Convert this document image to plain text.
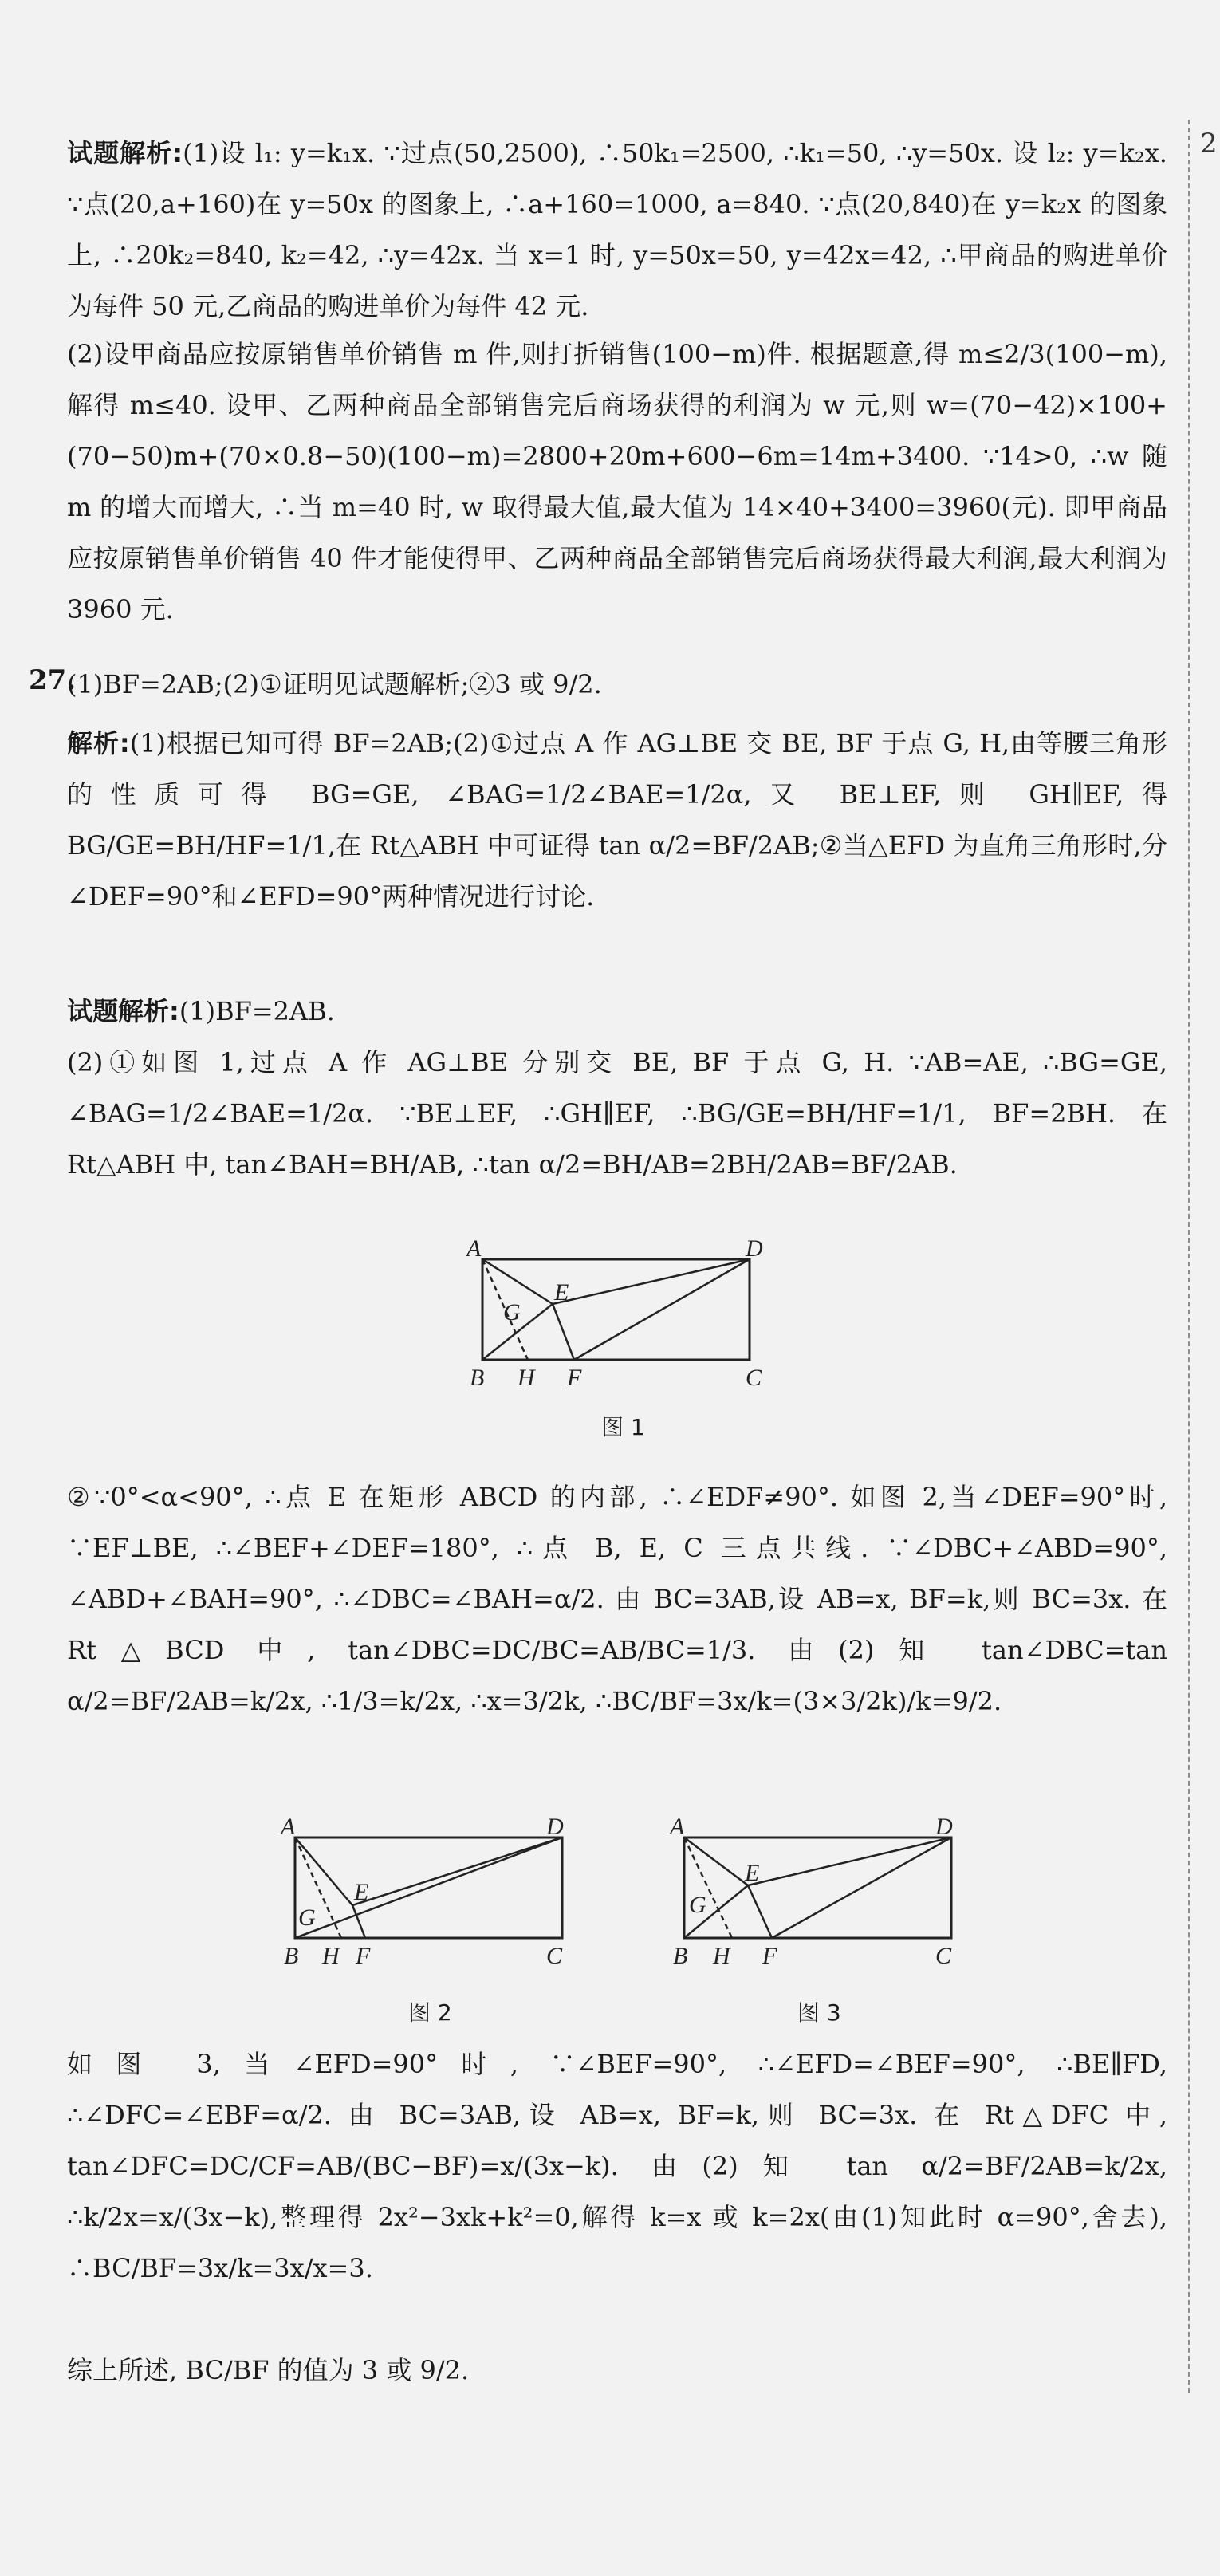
2

试题解析:(1)设 l₁: y=k₁x. ∵过点(50,2500), ∴50k₁=2500, ∴k₁=50, ∴y=50x. 设 l₂: y=k₂x. ∵点(20,a+160)在 y=50x 的图象上, ∴a+160=1000, a=840. ∵点(20,840)在 y=k₂x 的图象上, ∴20k₂=840, k₂=42, ∴y=42x. 当 x=1 时, y=50x=50, y=42x=42, ∴甲商品的购进单价为每件 50 元,乙商品的购进单价为每件 42 元.

(2)设甲商品应按原销售单价销售 m 件,则打折销售(100−m)件. 根据题意,得 m≤2/3(100−m),解得 m≤40. 设甲、乙两种商品全部销售完后商场获得的利润为 w 元,则 w=(70−42)×100+(70−50)m+(70×0.8−50)(100−m)=2800+20m+600−6m=14m+3400. ∵14>0, ∴w 随 m 的增大而增大, ∴当 m=40 时, w 取得最大值,最大值为 14×40+3400=3960(元). 即甲商品应按原销售单价销售 40 件才能使得甲、乙两种商品全部销售完后商场获得最大利润,最大利润为 3960 元.

27.

(1)BF=2AB;(2)①证明见试题解析;②3 或 9/2.

解析:(1)根据已知可得 BF=2AB;(2)①过点 A 作 AG⊥BE 交 BE, BF 于点 G, H,由等腰三角形的性质可得 BG=GE, ∠BAG=1/2∠BAE=1/2α,又 BE⊥EF,则 GH∥EF,得 BG/GE=BH/HF=1/1,在 Rt△ABH 中可证得 tan α/2=BF/2AB;②当△EFD 为直角三角形时,分∠DEF=90°和∠EFD=90°两种情况进行讨论.

试题解析:(1)BF=2AB.

(2)①如图 1,过点 A 作 AG⊥BE 分别交 BE, BF 于点 G, H. ∵AB=AE, ∴BG=GE, ∠BAG=1/2∠BAE=1/2α. ∵BE⊥EF, ∴GH∥EF, ∴BG/GE=BH/HF=1/1, BF=2BH. 在 Rt△ABH 中, tan∠BAH=BH/AB, ∴tan α/2=BH/AB=2BH/2AB=BF/2AB.

A	D
E
G
B H F	C
图 1

②∵0°<α<90°, ∴点 E 在矩形 ABCD 的内部, ∴∠EDF≠90°. 如图 2,当∠DEF=90°时, ∵EF⊥BE, ∴∠BEF+∠DEF=180°, ∴点 B, E, C 三点共线. ∵∠DBC+∠ABD=90°, ∠ABD+∠BAH=90°, ∴∠DBC=∠BAH=α/2. 由 BC=3AB,设 AB=x, BF=k,则 BC=3x. 在 Rt△BCD 中, tan∠DBC=DC/BC=AB/BC=1/3. 由(2)知 tan∠DBC=tan α/2=BF/2AB=k/2x, ∴1/3=k/2x, ∴x=3/2k, ∴BC/BF=3x/k=(3×3/2k)/k=9/2.

A	D
E
G
B H F	C
图 2
A	D
E
G
B H F	C
图 3

如图 3,当∠EFD=90°时, ∵∠BEF=90°, ∴∠EFD=∠BEF=90°, ∴BE∥FD, ∴∠DFC=∠EBF=α/2. 由 BC=3AB,设 AB=x, BF=k,则 BC=3x. 在 Rt△DFC 中, tan∠DFC=DC/CF=AB/(BC−BF)=x/(3x−k). 由(2)知 tan α/2=BF/2AB=k/2x, ∴k/2x=x/(3x−k),整理得 2x²−3xk+k²=0,解得 k=x 或 k=2x(由(1)知此时 α=90°,舍去), ∴BC/BF=3x/k=3x/x=3.

综上所述, BC/BF 的值为 3 或 9/2.
